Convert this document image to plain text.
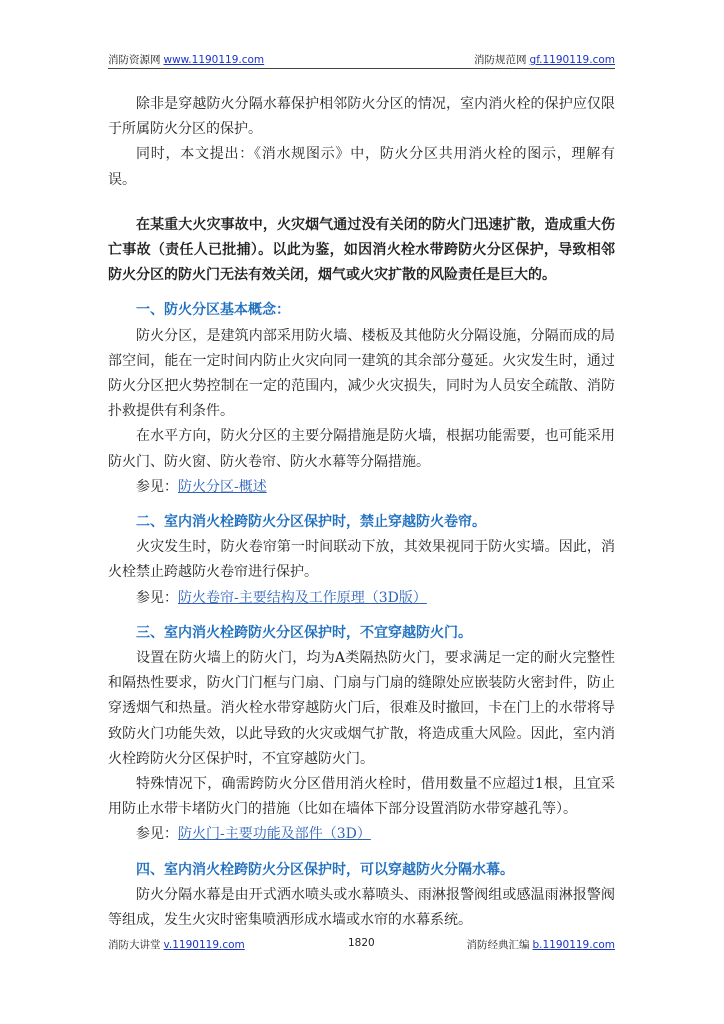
消防资源网 www.1190119.com	消防规范网 gf.1190119.com

除非是穿越防火分隔水幕保护相邻防火分区的情况，室内消火栓的保护应仅限于所属防火分区的保护。

同时，本文提出：《消水规图示》中，防火分区共用消火栓的图示，理解有误。

在某重大火灾事故中，火灾烟气通过没有关闭的防火门迅速扩散，造成重大伤亡事故（责任人已批捕）。以此为鉴，如因消火栓水带跨防火分区保护，导致相邻防火分区的防火门无法有效关闭，烟气或火灾扩散的风险责任是巨大的。

一、防火分区基本概念：

防火分区，是建筑内部采用防火墙、楼板及其他防火分隔设施，分隔而成的局部空间，能在一定时间内防止火灾向同一建筑的其余部分蔓延。火灾发生时，通过防火分区把火势控制在一定的范围内，减少火灾损失，同时为人员安全疏散、消防扑救提供有利条件。

在水平方向，防火分区的主要分隔措施是防火墙，根据功能需要，也可能采用防火门、防火窗、防火卷帘、防火水幕等分隔措施。

参见：防火分区-概述

二、室内消火栓跨防火分区保护时，禁止穿越防火卷帘。

火灾发生时，防火卷帘第一时间联动下放，其效果视同于防火实墙。因此，消火栓禁止跨越防火卷帘进行保护。

参见：防火卷帘-主要结构及工作原理（3D版）

三、室内消火栓跨防火分区保护时，不宜穿越防火门。

设置在防火墙上的防火门，均为A类隔热防火门，要求满足一定的耐火完整性和隔热性要求，防火门门框与门扇、门扇与门扇的缝隙处应嵌装防火密封件，防止穿透烟气和热量。消火栓水带穿越防火门后，很难及时撤回，卡在门上的水带将导致防火门功能失效，以此导致的火灾或烟气扩散，将造成重大风险。因此，室内消火栓跨防火分区保护时，不宜穿越防火门。

特殊情况下，确需跨防火分区借用消火栓时，借用数量不应超过1根，且宜采用防止水带卡堵防火门的措施（比如在墙体下部分设置消防水带穿越孔等）。

参见：防火门-主要功能及部件（3D）

四、室内消火栓跨防火分区保护时，可以穿越防火分隔水幕。

防火分隔水幕是由开式洒水喷头或水幕喷头、雨淋报警阀组或感温雨淋报警阀等组成，发生火灾时密集喷洒形成水墙或水帘的水幕系统。

消防大讲堂 v.1190119.com	1820	消防经典汇编 b.1190119.com
